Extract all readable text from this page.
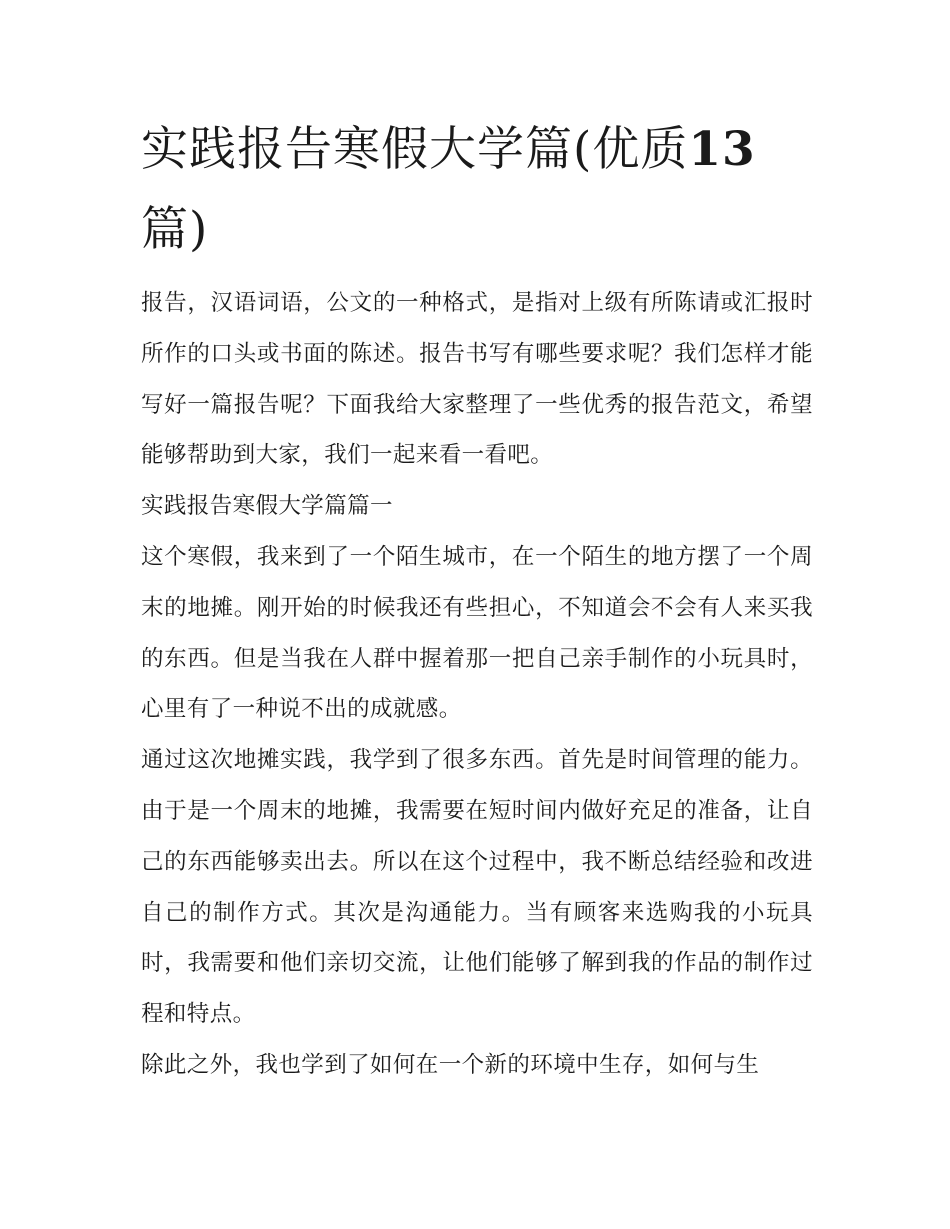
实践报告寒假大学篇(优质13篇)

报告，汉语词语，公文的一种格式，是指对上级有所陈请或汇报时所作的口头或书面的陈述。报告书写有哪些要求呢？我们怎样才能写好一篇报告呢？下面我给大家整理了一些优秀的报告范文，希望能够帮助到大家，我们一起来看一看吧。

实践报告寒假大学篇篇一

这个寒假，我来到了一个陌生城市，在一个陌生的地方摆了一个周末的地摊。刚开始的时候我还有些担心，不知道会不会有人来买我的东西。但是当我在人群中握着那一把自己亲手制作的小玩具时，心里有了一种说不出的成就感。

通过这次地摊实践，我学到了很多东西。首先是时间管理的能力。由于是一个周末的地摊，我需要在短时间内做好充足的准备，让自己的东西能够卖出去。所以在这个过程中，我不断总结经验和改进自己的制作方式。其次是沟通能力。当有顾客来选购我的小玩具时，我需要和他们亲切交流，让他们能够了解到我的作品的制作过程和特点。

除此之外，我也学到了如何在一个新的环境中生存，如何与生
